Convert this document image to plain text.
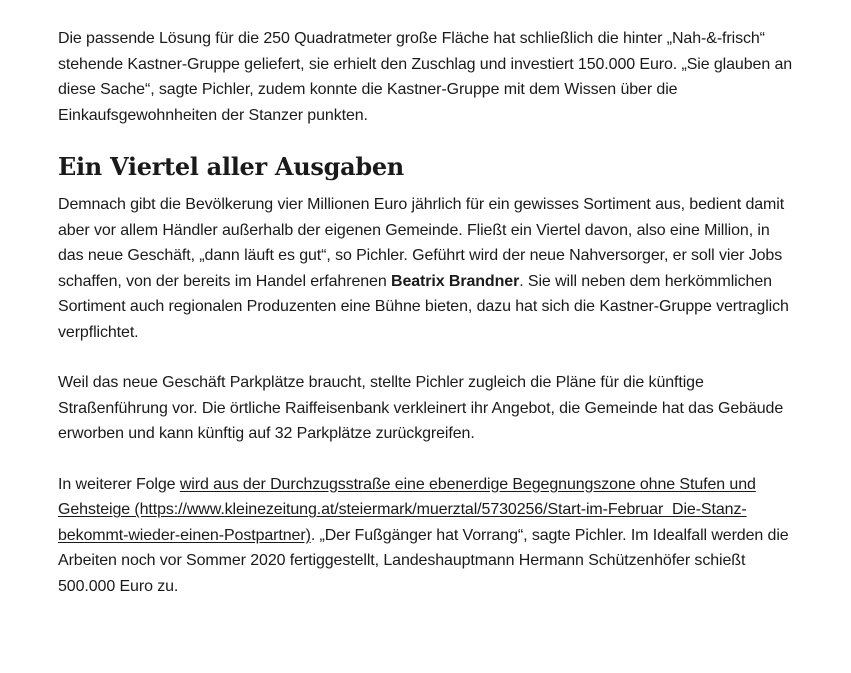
Die passende Lösung für die 250 Quadratmeter große Fläche hat schließlich die hinter „Nah-&-frisch“ stehende Kastner-Gruppe geliefert, sie erhielt den Zuschlag und investiert 150.000 Euro. „Sie glauben an diese Sache“, sagte Pichler, zudem konnte die Kastner-Gruppe mit dem Wissen über die Einkaufsgewohnheiten der Stanzer punkten.

Ein Viertel aller Ausgaben

Demnach gibt die Bevölkerung vier Millionen Euro jährlich für ein gewisses Sortiment aus, bedient damit aber vor allem Händler außerhalb der eigenen Gemeinde. Fließt ein Viertel davon, also eine Million, in das neue Geschäft, „dann läuft es gut“, so Pichler. Geführt wird der neue Nahversorger, er soll vier Jobs schaffen, von der bereits im Handel erfahrenen Beatrix Brandner. Sie will neben dem herkömmlichen Sortiment auch regionalen Produzenten eine Bühne bieten, dazu hat sich die Kastner-Gruppe vertraglich verpflichtet.

Weil das neue Geschäft Parkplätze braucht, stellte Pichler zugleich die Pläne für die künftige Straßenführung vor. Die örtliche Raiffeisenbank verkleinert ihr Angebot, die Gemeinde hat das Gebäude erworben und kann künftig auf 32 Parkplätze zurückgreifen.

In weiterer Folge wird aus der Durchzugsstraße eine ebenerdige Begegnungszone ohne Stufen und Gehsteige (https://www.kleinezeitung.at/steiermark/muerztal/5730256/Start-im-Februar_Die-Stanz-bekommt-wieder-einen-Postpartner). „Der Fußgänger hat Vorrang“, sagte Pichler. Im Idealfall werden die Arbeiten noch vor Sommer 2020 fertiggestellt, Landeshauptmann Hermann Schützenhöfer schießt 500.000 Euro zu.
